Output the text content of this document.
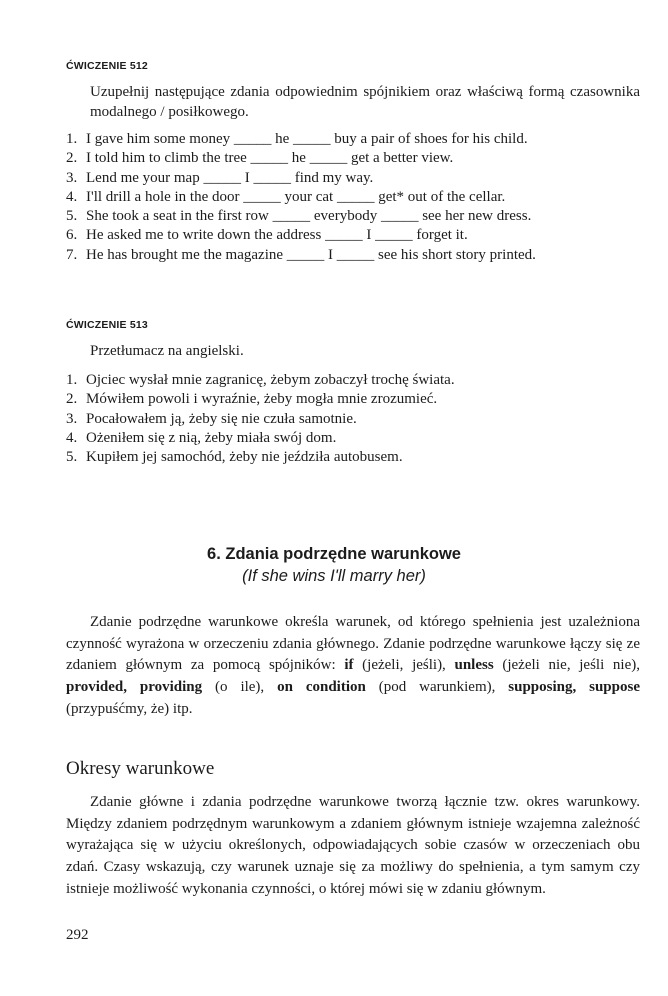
ĆWICZENIE 512
Uzupełnij następujące zdania odpowiednim spójnikiem oraz właściwą formą czasownika modalnego / posiłkowego.
1. I gave him some money _____ he _____ buy a pair of shoes for his child.
2. I told him to climb the tree _____ he _____ get a better view.
3. Lend me your map _____ I _____ find my way.
4. I'll drill a hole in the door _____ your cat _____ get* out of the cellar.
5. She took a seat in the first row _____ everybody _____ see her new dress.
6. He asked me to write down the address _____ I _____ forget it.
7. He has brought me the magazine _____ I _____ see his short story printed.
ĆWICZENIE 513
Przetłumacz na angielski.
1. Ojciec wysłał mnie zagranicę, żebym zobaczył trochę świata.
2. Mówiłem powoli i wyraźnie, żeby mogła mnie zrozumieć.
3. Pocałowałem ją, żeby się nie czuła samotnie.
4. Ożeniłem się z nią, żeby miała swój dom.
5. Kupiłem jej samochód, żeby nie jeździła autobusem.
6. Zdania podrzędne warunkowe
(If she wins I'll marry her)

Zdanie podrzędne warunkowe określa warunek, od którego spełnienia jest uzależniona czynność wyrażona w orzeczeniu zdania głównego. Zdanie podrzędne warunkowe łączy się ze zdaniem głównym za pomocą spójników: if (jeżeli, jeśli), unless (jeżeli nie, jeśli nie), provided, providing (o ile), on condition (pod warunkiem), supposing, suppose (przypuśćmy, że) itp.

Okresy warunkowe

Zdanie główne i zdania podrzędne warunkowe tworzą łącznie tzw. okres warunkowy. Między zdaniem podrzędnym warunkowym a zdaniem głównym istnieje wzajemna zależność wyrażająca się w użyciu określonych, odpowiadających sobie czasów w orzeczeniach obu zdań. Czasy wskazują, czy warunek uznaje się za możliwy do spełnienia, a tym samym czy istnieje możliwość wykonania czynności, o której mówi się w zdaniu głównym.

292
